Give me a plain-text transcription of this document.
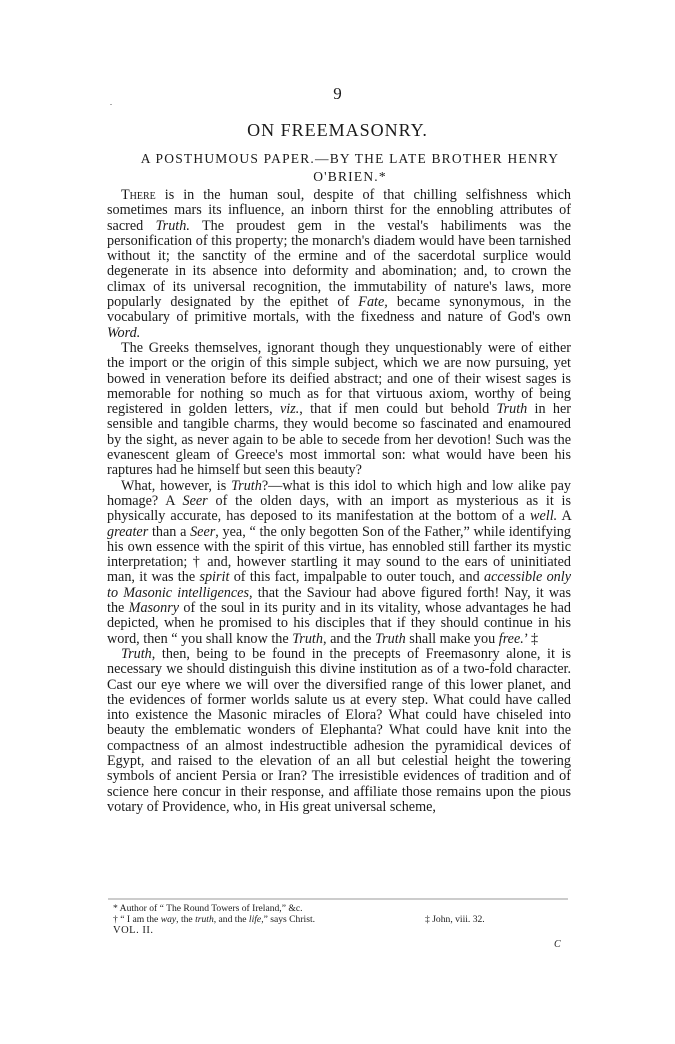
9
.
ON FREEMASONRY.
A POSTHUMOUS PAPER.—BY THE LATE BROTHER HENRY
O'BRIEN.*

There is in the human soul, despite of that chilling selfishness which sometimes mars its influence, an inborn thirst for the ennobling attributes of sacred Truth. The proudest gem in the vestal's habiliments was the personification of this property; the monarch's diadem would have been tarnished without it; the sanctity of the ermine and of the sacerdotal surplice would degenerate in its absence into deformity and abomination; and, to crown the climax of its universal recognition, the immutability of nature's laws, more popularly designated by the epithet of Fate, became synonymous, in the vocabulary of primitive mortals, with the fixedness and nature of God's own Word.

The Greeks themselves, ignorant though they unquestionably were of either the import or the origin of this simple subject, which we are now pursuing, yet bowed in veneration before its deified abstract; and one of their wisest sages is memorable for nothing so much as for that virtuous axiom, worthy of being registered in golden letters, viz., that if men could but behold Truth in her sensible and tangible charms, they would become so fascinated and enamoured by the sight, as never again to be able to secede from her devotion! Such was the evanescent gleam of Greece's most immortal son: what would have been his raptures had he himself but seen this beauty?

What, however, is Truth?—what is this idol to which high and low alike pay homage? A Seer of the olden days, with an import as mysterious as it is physically accurate, has deposed to its manifestation at the bottom of a well. A greater than a Seer, yea, “ the only begotten Son of the Father,” while identifying his own essence with the spirit of this virtue, has ennobled still farther its mystic interpretation; † and, however startling it may sound to the ears of uninitiated man, it was the spirit of this fact, impalpable to outer touch, and accessible only to Masonic intelligences, that the Saviour had above figured forth! Nay, it was the Masonry of the soul in its purity and in its vitality, whose advantages he had depicted, when he promised to his disciples that if they should continue in his word, then “ you shall know the Truth, and the Truth shall make you free.’ ‡

Truth, then, being to be found in the precepts of Freemasonry alone, it is necessary we should distinguish this divine institution as of a two-fold character. Cast our eye where we will over the diversified range of this lower planet, and the evidences of former worlds salute us at every step. What could have called into existence the Masonic miracles of Elora? What could have chiseled into beauty the emblematic wonders of Elephanta? What could have knit into the compactness of an almost indestructible adhesion the pyramidical devices of Egypt, and raised to the elevation of an all but celestial height the towering symbols of ancient Persia or Iran? The irresistible evidences of tradition and of science here concur in their response, and affiliate those remains upon the pious votary of Providence, who, in His great universal scheme,

* Author of “ The Round Towers of Ireland,” &c.
† “ I am the way, the truth, and the life,” says Christ.	‡ John, viii. 32.
VOL. II.
C
